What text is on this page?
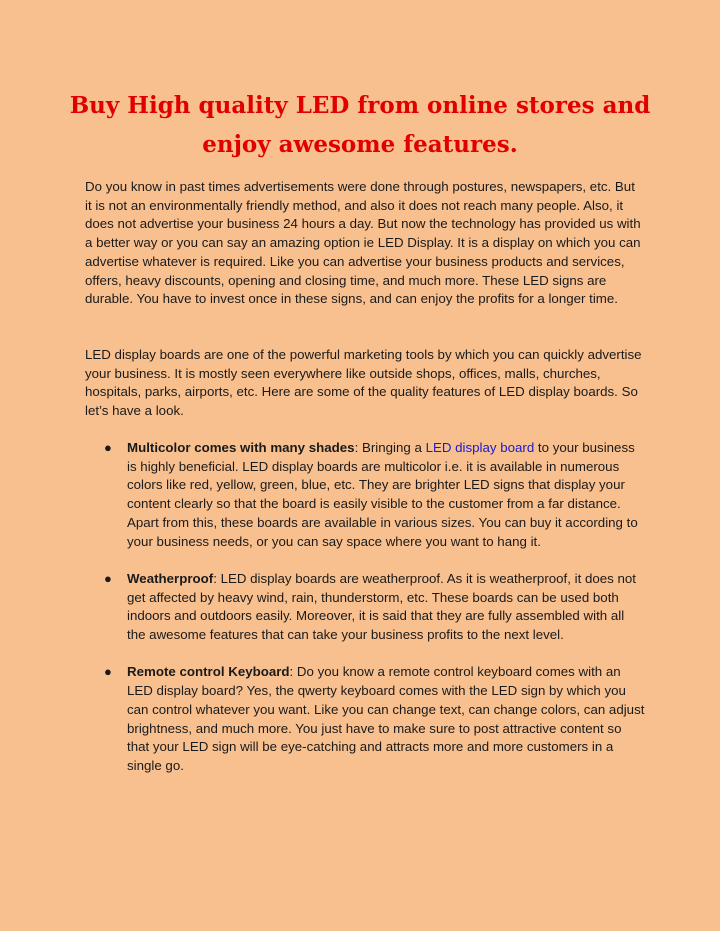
Buy High quality LED from online stores and enjoy awesome features.

Do you know in past times advertisements were done through postures, newspapers, etc. But it is not an environmentally friendly method, and also it does not reach many people. Also, it does not advertise your business 24 hours a day. But now the technology has provided us with a better way or you can say an amazing option ie LED Display. It is a display on which you can advertise whatever is required. Like you can advertise your business products and services, offers, heavy discounts, opening and closing time, and much more. These LED signs are durable. You have to invest once in these signs, and can enjoy the profits for a longer time.

LED display boards are one of the powerful marketing tools by which you can quickly advertise your business. It is mostly seen everywhere like outside shops, offices, malls, churches, hospitals, parks, airports, etc. Here are some of the quality features of LED display boards. So let’s have a look.

● Multicolor comes with many shades: Bringing a LED display board to your business is highly beneficial. LED display boards are multicolor i.e. it is available in numerous colors like red, yellow, green, blue, etc. They are brighter LED signs that display your content clearly so that the board is easily visible to the customer from a far distance. Apart from this, these boards are available in various sizes. You can buy it according to your business needs, or you can say space where you want to hang it.
● Weatherproof: LED display boards are weatherproof. As it is weatherproof, it does not get affected by heavy wind, rain, thunderstorm, etc. These boards can be used both indoors and outdoors easily. Moreover, it is said that they are fully assembled with all the awesome features that can take your business profits to the next level.
● Remote control Keyboard: Do you know a remote control keyboard comes with an LED display board? Yes, the qwerty keyboard comes with the LED sign by which you can control whatever you want. Like you can change text, can change colors, can adjust brightness, and much more. You just have to make sure to post attractive content so that your LED sign will be eye-catching and attracts more and more customers in a single go.
